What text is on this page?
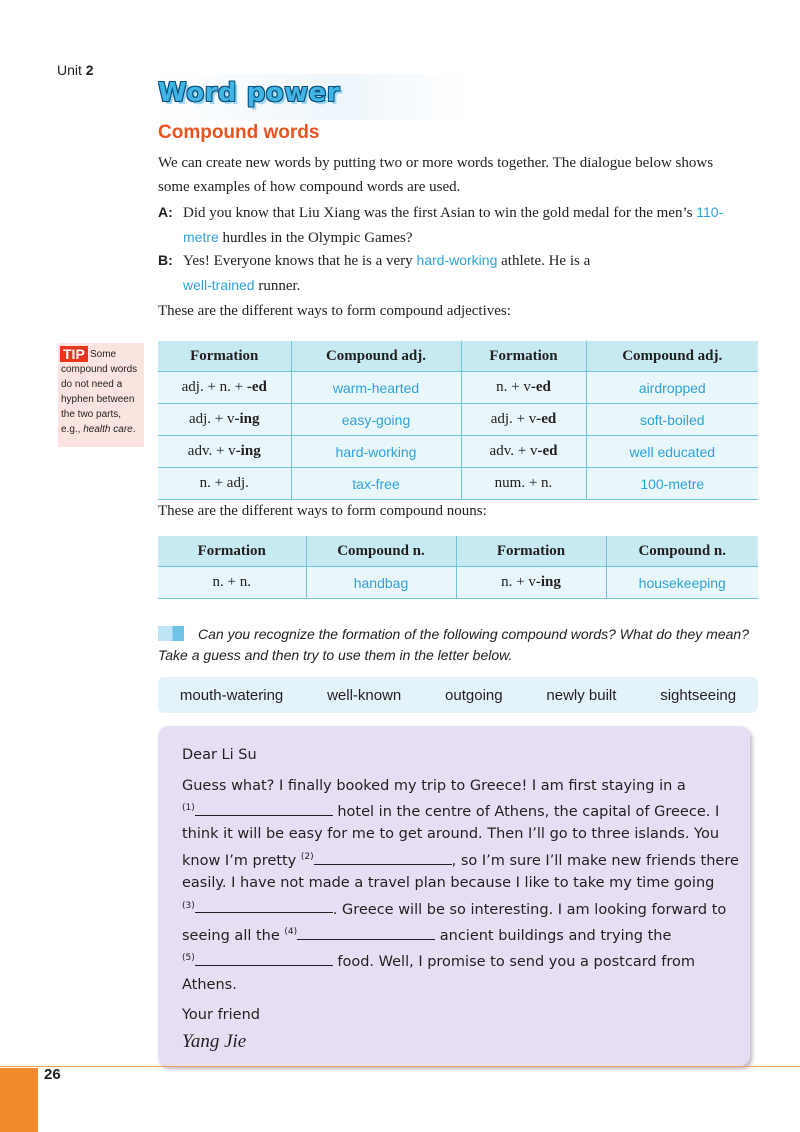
Unit 2
Word power
Compound words
We can create new words by putting two or more words together. The dialogue below shows some examples of how compound words are used.
A: Did you know that Liu Xiang was the first Asian to win the gold medal for the men’s 110-metre hurdles in the Olympic Games?
B: Yes! Everyone knows that he is a very hard-working athlete. He is a
well-trained runner.
These are the different ways to form compound adjectives:
TIP Some compound words do not need a hyphen between the two parts, e.g., health care.
Formation	Compound adj.	Formation	Compound adj.
adj. + n. + -ed	warm-hearted	n. + v-ed	airdropped
adj. + v-ing	easy-going	adj. + v-ed	soft-boiled
adv. + v-ing	hard-working	adv. + v-ed	well educated
n. + adj.	tax-free	num. + n.	100-metre
These are the different ways to form compound nouns:
Formation	Compound n.	Formation	Compound n.
n. + n.	handbag	n. + v-ing	housekeeping
Can you recognize the formation of the following compound words? What do they mean? Take a guess and then try to use them in the letter below.
mouth-watering	well-known	outgoing	newly built	sightseeing
Dear Li Su
Guess what? I finally booked my trip to Greece! I am first staying in a
$^{(1)}$	hotel in the centre of Athens, the capital of Greece. I
think it will be easy for me to get around. Then I’ll go to three islands. You
know I’m pretty $^{(2)}$	, so I’m sure I’ll make new friends there
easily. I have not made a travel plan because I like to take my time going
$^{(3)}$	. Greece will be so interesting. I am looking forward to
seeing all the $^{(4)}$	ancient buildings and trying the
$^{(5)}$	food. Well, I promise to send you a postcard from
Athens.
Your friend
Yang Jie
26
